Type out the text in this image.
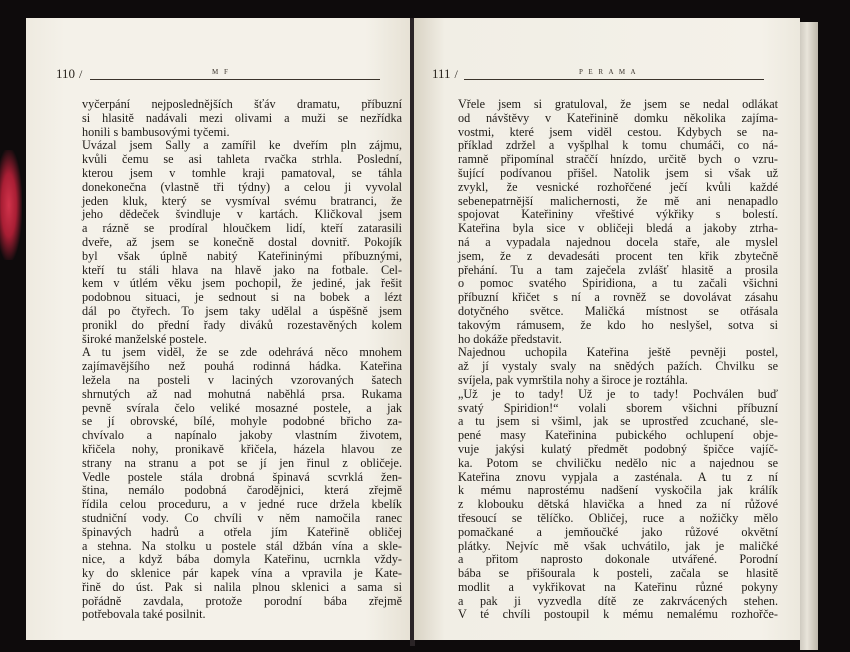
110 /	M F
vyčerpání nejposlednějších šťáv dramatu, příbuzní
si hlasitě nadávali mezi olivami a muži se nezřídka
honili s bambusovými tyčemi.
Uvázal jsem Sally a zamířil ke dveřím pln zájmu,
kvůli čemu se asi tahleta rvačka strhla. Poslední,
kterou jsem v tomhle kraji pamatoval, se táhla
donekonečna (vlastně tři týdny) a celou ji vyvolal
jeden kluk, který se vysmíval svému bratranci, že
jeho dědeček švindluje v kartách. Kličkoval jsem
a rázně se prodíral hloučkem lidí, kteří zatarasili
dveře, až jsem se konečně dostal dovnitř. Pokojík
byl však úplně nabitý Kateřininými příbuznými,
kteří tu stáli hlava na hlavě jako na fotbale. Cel-
kem v útlém věku jsem pochopil, že jediné, jak řešit
podobnou situaci, je sednout si na bobek a lézt
dál po čtyřech. To jsem taky udělal a úspěšně jsem
pronikl do přední řady diváků rozestavěných kolem
široké manželské postele.
A tu jsem viděl, že se zde odehrává něco mnohem
zajímavějšího než pouhá rodinná hádka. Kateřina
ležela na posteli v laciných vzorovaných šatech
shrnutých až nad mohutná naběhlá prsa. Rukama
pevně svírala čelo veliké mosazné postele, a jak
se jí obrovské, bílé, mohyle podobné břicho za-
chvívalo a napínalo jakoby vlastním životem,
křičela nohy, pronikavě křičela, házela hlavou ze
strany na stranu a pot se jí jen řinul z obličeje.
Vedle postele stála drobná špinavá scvrklá žen-
ština, nemálo podobná čarodějnici, která zřejmě
řídila celou proceduru, a v jedné ruce držela kbelík
studniční vody. Co chvíli v něm namočila ranec
špinavých hadrů a otřela jím Kateřině obličej
a stehna. Na stolku u postele stál džbán vína a skle-
nice, a když bába domyla Kateřinu, ucrnkla vždy-
ky do sklenice pár kapek vína a vpravila je Kate-
řině do úst. Pak si nalila plnou sklenici a sama si
pořádně zavdala, protože porodní bába zřejmě
potřebovala také posilnit.
111 /	P E R A M A
Vřele jsem si gratuloval, že jsem se nedal odlákat
od návštěvy v Kateřinině domku několika zajíma-
vostmi, které jsem viděl cestou. Kdybych se na-
příklad zdržel a vyšplhal k tomu chumáči, co ná-
ramně připomínal straččí hnízdo, určitě bych o vzru-
šující podívanou přišel. Natolik jsem si však už
zvykl, že vesnické rozhořčené ječí kvůli každé
sebenepatrnější malichernosti, že mě ani nenapadlo
spojovat Kateřininy vřeštivé výkřiky s bolestí.
Kateřina byla sice v obličeji bledá a jakoby ztrha-
ná a vypadala najednou docela staře, ale myslel
jsem, že z devadesáti procent ten křik zbytečně
přehání. Tu a tam zaječela zvlášť hlasitě a prosila
o pomoc svatého Spiridiona, a tu začali všichni
příbuzní křičet s ní a rovněž se dovolávat zásahu
dotyčného světce. Maličká místnost se otřásala
takovým rámusem, že kdo ho neslyšel, sotva si
ho dokáže představit.
Najednou uchopila Kateřina ještě pevněji postel,
až jí vystaly svaly na snědých pažích. Chvilku se
svíjela, pak vymrštila nohy a široce je roztáhla.
„Už je to tady! Už je to tady! Pochválen buď
svatý Spiridion!“ volali sborem všichni příbuzní
a tu jsem si všiml, jak se uprostřed zcuchané, sle-
pené masy Kateřinina pubického ochlupení obje-
vuje jakýsi kulatý předmět podobný špičce vajíč-
ka. Potom se chviličku nedělo nic a najednou se
Kateřina znovu vypjala a zasténala. A tu z ní
k mému naprostému nadšení vyskočila jak králík
z klobouku dětská hlavička a hned za ní růžové
třesoucí se tělíčko. Obličej, ruce a nožičky mělo
pomačkané a jemňoučké jako růžové okvětní
plátky. Nejvíc mě však uchvátilo, jak je maličké
a přitom naprosto dokonale utvářené. Porodní
bába se přišourala k posteli, začala se hlasitě
modlit a vykřikovat na Kateřinu různé pokyny
a pak ji vyzvedla dítě ze zakrvácených stehen.
V té chvíli postoupil k mému nemalému rozhořče-
